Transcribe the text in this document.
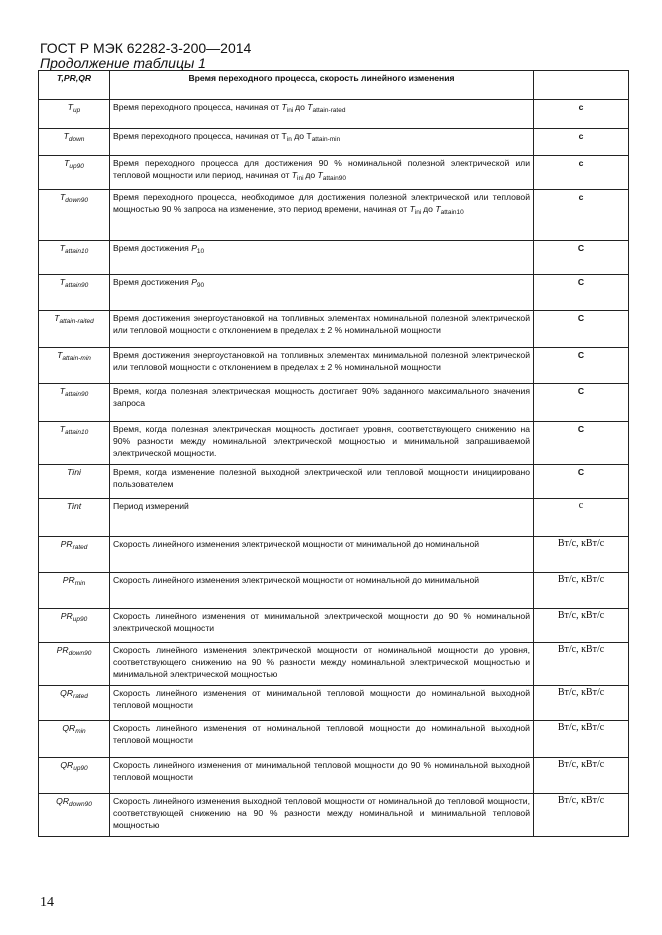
ГОСТ Р МЭК 62282-3-200—2014
Продолжение таблицы 1
T,PR,QR	Время переходного процесса, скорость линейного изменения	
$T_{up}$	Время переходного процесса, начиная от $T_{ini}$ до $T_{attain-rated}$	с
$T_{down}$	Время переходного процесса, начиная от $T_{in}$ до $T_{attain-min}$	с
$T_{up90}$	Время переходного процесса для достижения 90 % номинальной полезной электрической или тепловой мощности или период, начиная от $T_{ini}$ до $T_{attain90}$	с
$T_{down90}$	Время переходного процесса, необходимое для достижения полезной электрической или тепловой мощностью 90 % запроса на изменение, это период времени, начиная от $T_{ini}$ до $T_{attain10}$	с
$T_{attain10}$	Время достижения $P_{10}$	С
$T_{attain90}$	Время достижения $P_{90}$	С
$T_{attain-raited}$	Время достижения энергоустановкой на топливных элементах номинальной полезной электрической или тепловой мощности с отклонением в пределах ± 2 % номинальной мощности	С
$T_{attain-min}$	Время достижения энергоустановкой на топливных элементах минимальной полезной электрической или тепловой мощности с отклонением в пределах ± 2 % номинальной мощности	С
$T_{attain90}$	Время, когда полезная электрическая мощность достигает 90% заданного максимального значения запроса	С
$T_{attain10}$	Время, когда полезная электрическая мощность достигает уровня, соответствующего снижению на 90% разности между номинальной электрической мощностью и минимальной запрашиваемой электрической мощности.	С
Tini	Время, когда изменение полезной выходной электрической или тепловой мощности инициировано пользователем	С
Tint	Период измерений	с
$PR_{rated}$	Скорость линейного изменения электрической мощности от минимальной до номинальной	Вт/с, кВт/с
$PR_{min}$	Скорость линейного изменения электрической мощности от номинальной до минимальной	Вт/с, кВт/с
$PR_{up90}$	Скорость линейного изменения от минимальной электрической мощности до 90 % номинальной электрической мощности	Вт/с, кВт/с
$PR_{down90}$	Скорость линейного изменения электрической мощности от номинальной мощности до уровня, соответствующего снижению на 90 % разности между номинальной электрической мощностью и минимальной электрической мощностью	Вт/с, кВт/с
$QR_{rated}$	Скорость линейного изменения от минимальной тепловой мощности до номинальной выходной тепловой мощности	Вт/с, кВт/с
$QR_{min}$	Скорость линейного изменения от номинальной тепловой мощности до номинальной выходной тепловой мощности	Вт/с, кВт/с
$QR_{up90}$	Скорость линейного изменения от минимальной тепловой мощности до 90 % номинальной выходной тепловой мощности	Вт/с, кВт/с
$QR_{down90}$	Скорость линейного изменения выходной тепловой мощности от номинальной до тепловой мощности, соответствующей снижению на 90 % разности между номинальной и минимальной тепловой мощностью	Вт/с, кВт/с
14
